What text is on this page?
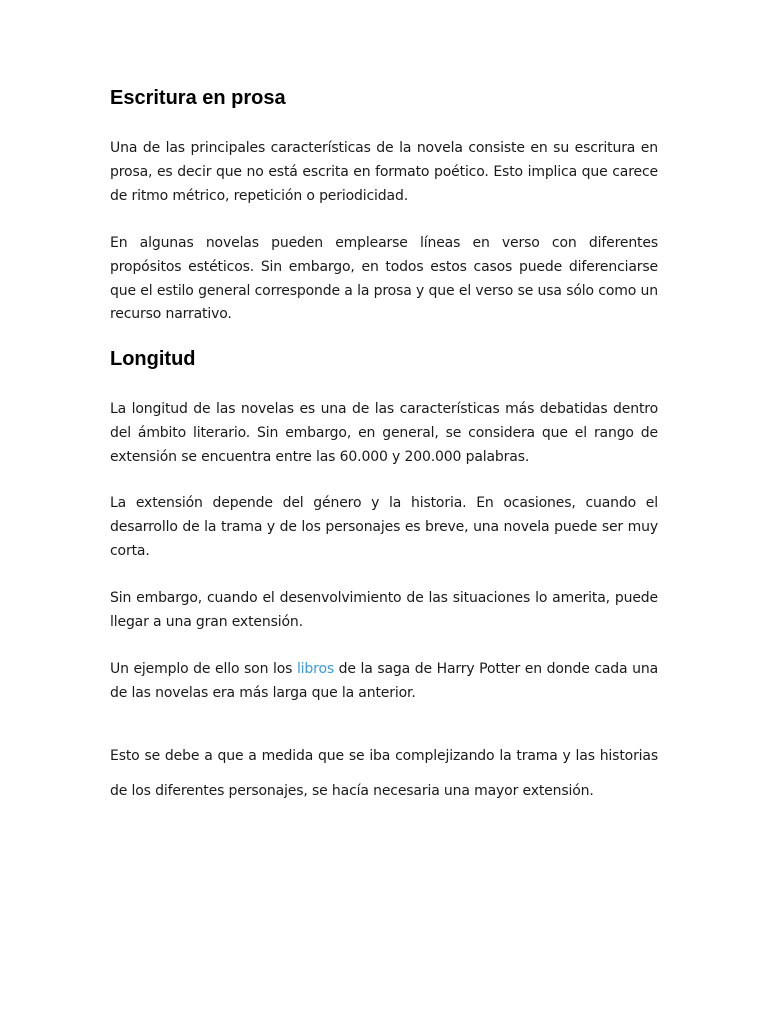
Escritura en prosa

Una de las principales características de la novela consiste en su escritura en prosa, es decir que no está escrita en formato poético. Esto implica que carece de ritmo métrico, repetición o periodicidad.

En algunas novelas pueden emplearse líneas en verso con diferentes propósitos estéticos. Sin embargo, en todos estos casos puede diferenciarse que el estilo general corresponde a la prosa y que el verso se usa sólo como un recurso narrativo.

Longitud

La longitud de las novelas es una de las características más debatidas dentro del ámbito literario. Sin embargo, en general, se considera que el rango de extensión se encuentra entre las 60.000 y 200.000 palabras.

La extensión depende del género y la historia. En ocasiones, cuando el desarrollo de la trama y de los personajes es breve, una novela puede ser muy corta.

Sin embargo, cuando el desenvolvimiento de las situaciones lo amerita, puede llegar a una gran extensión.

Un ejemplo de ello son los libros de la saga de Harry Potter en donde cada una de las novelas era más larga que la anterior.

Esto se debe a que a medida que se iba complejizando la trama y las historias de los diferentes personajes, se hacía necesaria una mayor extensión.
